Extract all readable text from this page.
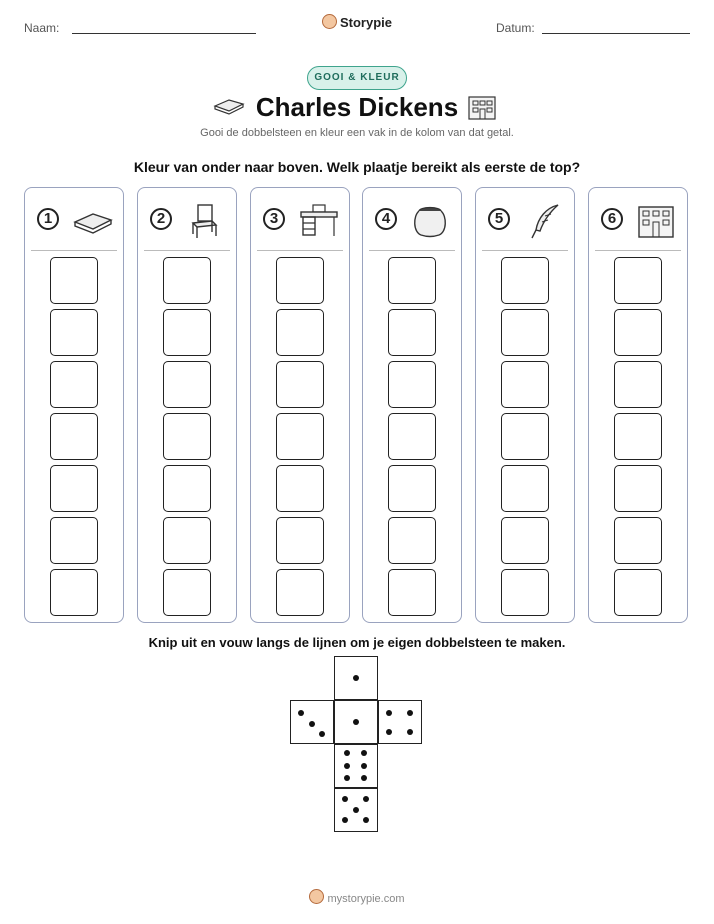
Naam:	Storypie	Datum:
GOOI & KLEUR
Charles Dickens
Gooi de dobbelsteen en kleur een vak in de kolom van dat getal.
Kleur van onder naar boven. Welk plaatje bereikt als eerste de top?
1	2	3	4	5	6
Knip uit en vouw langs de lijnen om je eigen dobbelsteen te maken.
mystorypie.com
